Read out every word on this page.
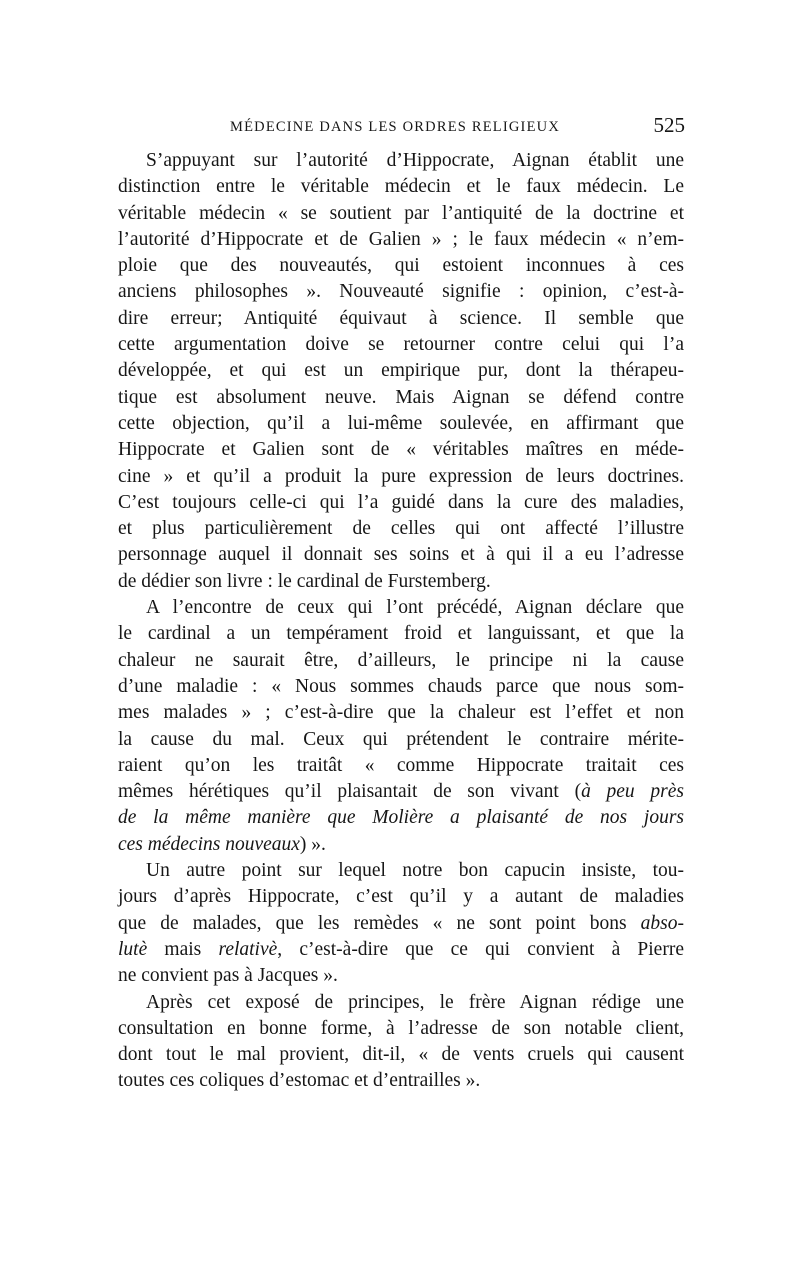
MÉDECINE DANS LES ORDRES RELIGIEUX	525

S’appuyant sur l’autorité d’Hippocrate, Aignan établit une
distinction entre le véritable médecin et le faux médecin. Le
véritable médecin « se soutient par l’antiquité de la doctrine et
l’autorité d’Hippocrate et de Galien » ; le faux médecin « n’em-
ploie que des nouveautés, qui estoient inconnues à ces
anciens philosophes ». Nouveauté signifie : opinion, c’est-à-
dire erreur; Antiquité équivaut à science. Il semble que
cette argumentation doive se retourner contre celui qui l’a
développée, et qui est un empirique pur, dont la thérapeu-
tique est absolument neuve. Mais Aignan se défend contre
cette objection, qu’il a lui-même soulevée, en affirmant que
Hippocrate et Galien sont de « véritables maîtres en méde-
cine » et qu’il a produit la pure expression de leurs doctrines.
C’est toujours celle-ci qui l’a guidé dans la cure des maladies,
et plus particulièrement de celles qui ont affecté l’illustre
personnage auquel il donnait ses soins et à qui il a eu l’adresse
de dédier son livre : le cardinal de Furstemberg.

A l’encontre de ceux qui l’ont précédé, Aignan déclare que
le cardinal a un tempérament froid et languissant, et que la
chaleur ne saurait être, d’ailleurs, le principe ni la cause
d’une maladie : « Nous sommes chauds parce que nous som-
mes malades » ; c’est-à-dire que la chaleur est l’effet et non
la cause du mal. Ceux qui prétendent le contraire mérite-
raient qu’on les traitât « comme Hippocrate traitait ces
mêmes hérétiques qu’il plaisantait de son vivant (à peu près
de la même manière que Molière a plaisanté de nos jours
ces médecins nouveaux) ».

Un autre point sur lequel notre bon capucin insiste, tou-
jours d’après Hippocrate, c’est qu’il y a autant de maladies
que de malades, que les remèdes « ne sont point bons abso-
lutè mais relativè, c’est-à-dire que ce qui convient à Pierre
ne convient pas à Jacques ».

Après cet exposé de principes, le frère Aignan rédige une
consultation en bonne forme, à l’adresse de son notable client,
dont tout le mal provient, dit-il, « de vents cruels qui causent
toutes ces coliques d’estomac et d’entrailles ».
